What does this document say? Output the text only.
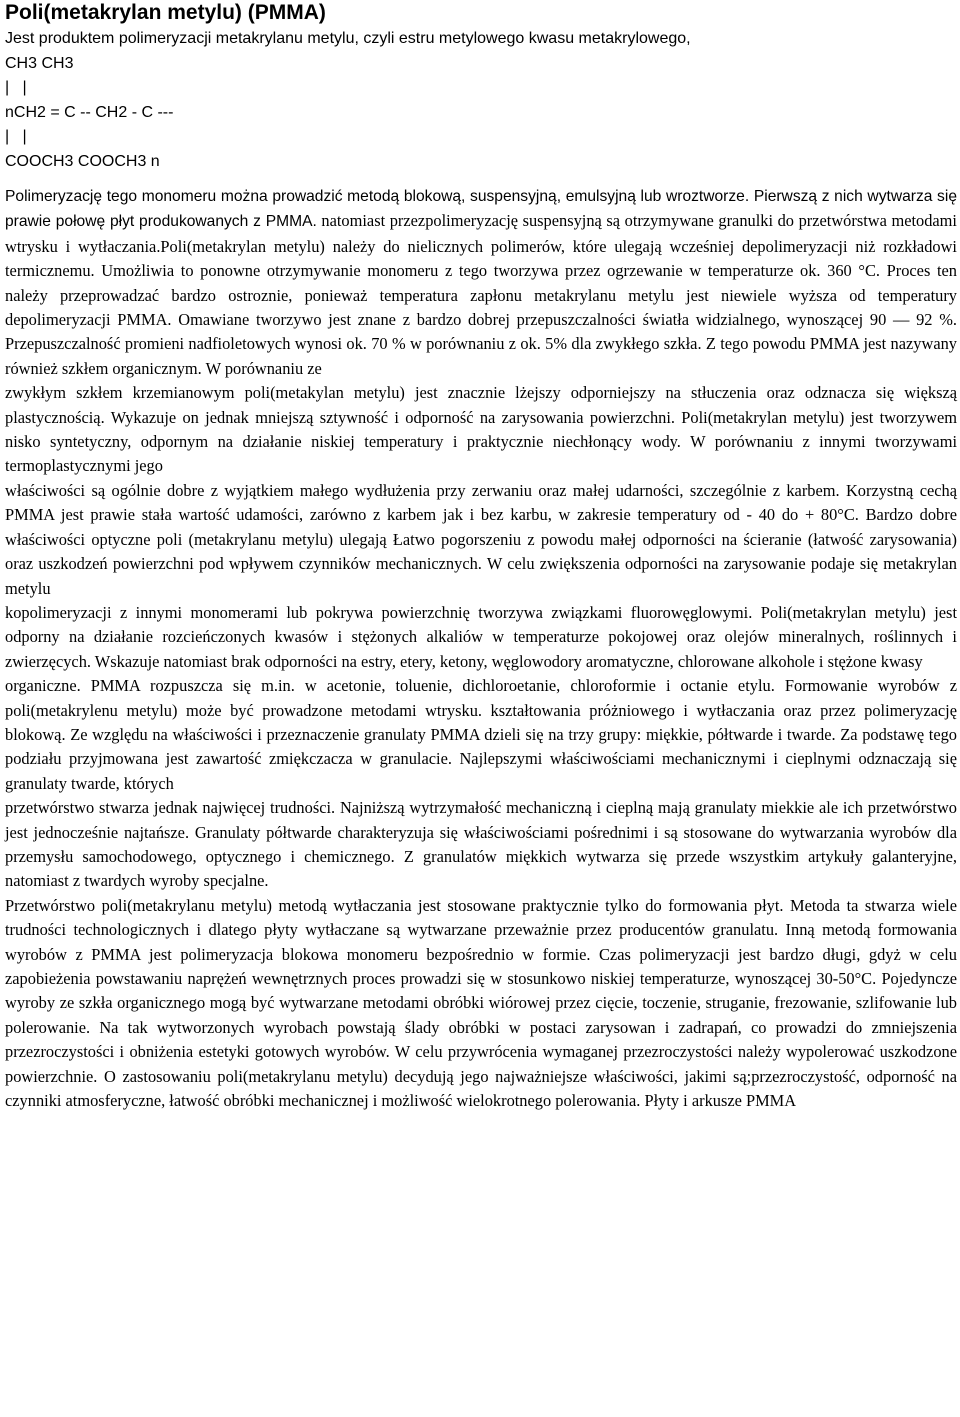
Poli(metakrylan metylu) (PMMA)

Jest produktem polimeryzacji metakrylanu metylu, czyli estru metylowego kwasu metakrylowego,

CH3 CH3

|   |

nCH2 = C -- CH2 - C ---

|   |

COOCH3 COOCH3 n

Polimeryzację tego monomeru można prowadzić metodą blokową, suspensyjną, emulsyjną lub wroztworze. Pierwszą z nich wytwarza się prawie połowę płyt produkowanych z PMMA. natomiast przezpolimeryzację suspensyjną są otrzymywane granulki do przetwórstwa metodami wtrysku i wytłaczania.Poli(metakrylan metylu) należy do nielicznych polimerów, które ulegają wcześniej depolimeryzacji niż rozkładowi termicznemu. Umożliwia to ponowne otrzymywanie monomeru z tego tworzywa przez ogrzewanie w temperaturze ok. 360 °C. Proces ten należy przeprowadzać bardzo ostroznie, ponieważ temperatura zapłonu metakrylanu metylu jest niewiele wyższa od temperatury depolimeryzacji PMMA. Omawiane tworzywo jest znane z bardzo dobrej przepuszczalności światła widzialnego, wynoszącej 90 — 92 %. Przepuszczalność promieni nadfioletowych wynosi ok. 70 % w porównaniu z ok. 5% dla zwykłego szkła. Z tego powodu PMMA jest nazywany również szkłem organicznym. W porównaniu ze

zwykłym szkłem krzemianowym poli(metakylan metylu) jest znacznie lżejszy odporniejszy na stłuczenia oraz odznacza się większą plastycznością. Wykazuje on jednak mniejszą sztywność i odporność na zarysowania powierzchni. Poli(metakrylan metylu) jest tworzywem nisko syntetyczny, odpornym na działanie niskiej temperatury i praktycznie niechłonący wody. W porównaniu z innymi tworzywami termoplastycznymi jego

właściwości są ogólnie dobre z wyjątkiem małego wydłużenia przy zerwaniu oraz małej udarności, szczególnie z karbem. Korzystną cechą PMMA jest prawie stała wartość udamości, zarówno z karbem jak i bez karbu, w zakresie temperatury od - 40 do + 80°C. Bardzo dobre właściwości optyczne poli (metakrylanu metylu) ulegają Łatwo pogorszeniu z powodu małej odporności na ścieranie (łatwość zarysowania) oraz uszkodzeń powierzchni pod wpływem czynników mechanicznych. W celu zwiększenia odporności na zarysowanie podaje się metakrylan metylu

kopolimeryzacji z innymi monomerami lub pokrywa powierzchnię tworzywa związkami fluorowęglowymi. Poli(metakrylan metylu) jest odporny na działanie rozcieńczonych kwasów i stężonych alkaliów w temperaturze pokojowej oraz olejów mineralnych, roślinnych i zwierzęcych. Wskazuje natomiast brak odporności na estry, etery, ketony, węglowodory aromatyczne, chlorowane alkohole i stężone kwasy

organiczne. PMMA rozpuszcza się m.in. w acetonie, toluenie, dichloroetanie, chloroformie i octanie etylu. Formowanie wyrobów z poli(metakrylenu metylu) może być prowadzone metodami wtrysku. kształtowania próżniowego i wytłaczania oraz przez polimeryzację blokową. Ze względu na właściwości i przeznaczenie granulaty PMMA dzieli się na trzy grupy: miękkie, półtwarde i twarde. Za podstawę tego podziału przyjmowana jest zawartość zmiękczacza w granulacie. Najlepszymi właściwościami mechanicznymi i cieplnymi odznaczają się granulaty twarde, których

przetwórstwo stwarza jednak najwięcej trudności. Najniższą wytrzymałość mechaniczną i cieplną mają granulaty miekkie ale ich przetwórstwo jest jednocześnie najtańsze. Granulaty półtwarde charakteryzuja się właściwościami pośrednimi i są stosowane do wytwarzania wyrobów dla przemysłu samochodowego, optycznego i chemicznego. Z granulatów miękkich wytwarza się przede wszystkim artykuły galanteryjne, natomiast z twardych wyroby specjalne.

Przetwórstwo poli(metakrylanu metylu) metodą wytłaczania jest stosowane praktycznie tylko do formowania płyt. Metoda ta stwarza wiele trudności technologicznych i dlatego płyty wytłaczane są wytwarzane przeważnie przez producentów granulatu. Inną metodą formowania wyrobów z PMMA jest polimeryzacja blokowa monomeru bezpośrednio w formie. Czas polimeryzacji jest bardzo długi, gdyż w celu zapobieżenia powstawaniu naprężeń wewnętrznych proces prowadzi się w stosunkowo niskiej temperaturze, wynoszącej 30-50°C. Pojedyncze wyroby ze szkła organicznego mogą być wytwarzane metodami obróbki wiórowej przez cięcie, toczenie, struganie, frezowanie, szlifowanie lub polerowanie. Na tak wytworzonych wyrobach powstają ślady obróbki w postaci zarysowan i zadrapań, co prowadzi do zmniejszenia przezroczystości i obniżenia estetyki gotowych wyrobów. W celu przywrócenia wymaganej przezroczystości należy wypolerować uszkodzone powierzchnie. O zastosowaniu poli(metakrylanu metylu) decydują jego najważniejsze właściwości, jakimi są;przezroczystość, odporność na czynniki atmosferyczne, łatwość obróbki mechanicznej i możliwość wielokrotnego polerowania. Płyty i arkusze PMMA
